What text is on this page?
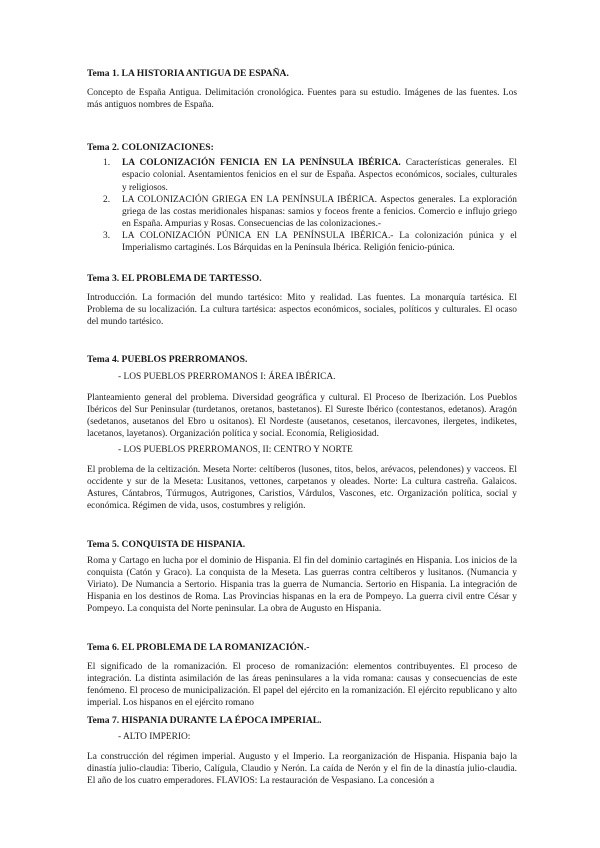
Tema 1. LA HISTORIA ANTIGUA DE ESPAÑA.

Concepto de España Antigua. Delimitación cronológica. Fuentes para su estudio. Imágenes de las fuentes. Los más antiguos nombres de España.

Tema 2. COLONIZACIONES:

1. LA COLONIZACIÓN FENICIA EN LA PENÍNSULA IBÉRICA. Características generales. El espacio colonial. Asentamientos fenicios en el sur de España. Aspectos económicos, sociales, culturales y religiosos.
2. LA COLONIZACIÓN GRIEGA EN LA PENÍNSULA IBÉRICA. Aspectos generales. La exploración griega de las costas meridionales hispanas: samios y foceos frente a fenicios. Comercio e influjo griego en España. Ampurias y Rosas. Consecuencias de las colonizaciones.-
3. LA COLONIZACIÓN PÚNICA EN LA PENÍNSULA IBÉRICA.- La colonización púnica y el Imperialismo cartaginés. Los Bárquidas en la Península Ibérica. Religión fenicio-púnica.

Tema 3. EL PROBLEMA DE TARTESSO.

Introducción. La formación del mundo tartésico: Mito y realidad. Las fuentes. La monarquía tartésica. El Problema de su localización. La cultura tartésica: aspectos económicos, sociales, políticos y culturales. El ocaso del mundo tartésico.

Tema 4. PUEBLOS PRERROMANOS.

- LOS PUEBLOS PRERROMANOS I: ÁREA IBÉRICA.

Planteamiento general del problema. Diversidad geográfica y cultural. El Proceso de Iberización. Los Pueblos Ibéricos del Sur Peninsular (turdetanos, oretanos, bastetanos). El Sureste Ibérico (contestanos, edetanos). Aragón (sedetanos, ausetanos del Ebro u ositanos). El Nordeste (ausetanos, cesetanos, ilercavones, ilergetes, indiketes, lacetanos, layetanos). Organización política y social. Economía, Religiosidad.

- LOS PUEBLOS PRERROMANOS, II: CENTRO Y NORTE

El problema de la celtización. Meseta Norte: celtíberos (lusones, titos, belos, arévacos, pelendones) y vacceos. El occidente y sur de la Meseta: Lusitanos, vettones, carpetanos y oleades. Norte: La cultura castreña. Galaicos. Astures, Cántabros, Túrmugos, Autrigones, Caristios, Várdulos, Vascones, etc. Organización política, social y económica. Régimen de vida, usos, costumbres y religión.

Tema 5. CONQUISTA DE HISPANIA.

Roma y Cartago en lucha por el dominio de Hispania. El fin del dominio cartaginés en Hispania. Los inicios de la conquista (Catón y Graco). La conquista de la Meseta. Las guerras contra celtíberos y lusitanos. (Numancia y Viriato). De Numancia a Sertorio. Hispania tras la guerra de Numancia. Sertorio en Hispania. La integración de Hispania en los destinos de Roma. Las Provincias hispanas en la era de Pompeyo. La guerra civil entre César y Pompeyo. La conquista del Norte peninsular. La obra de Augusto en Hispania.

Tema 6. EL PROBLEMA DE LA ROMANIZACIÓN.-

El significado de la romanización. El proceso de romanización: elementos contribuyentes. El proceso de integración. La distinta asimilación de las áreas peninsulares a la vida romana: causas y consecuencias de este fenómeno. El proceso de municipalización. El papel del ejército en la romanización. El ejército republicano y alto imperial. Los hispanos en el ejército romano

Tema 7. HISPANIA DURANTE LA ÉPOCA IMPERIAL.

- ALTO IMPERIO:

La construcción del régimen imperial. Augusto y el Imperio. La reorganización de Hispania. Hispania bajo la dinastía julio-claudia: Tiberio, Calígula, Claudio y Nerón. La caída de Nerón y el fin de la dinastía julio-claudia. El año de los cuatro emperadores. FLAVIOS: La restauración de Vespasiano. La concesión a
